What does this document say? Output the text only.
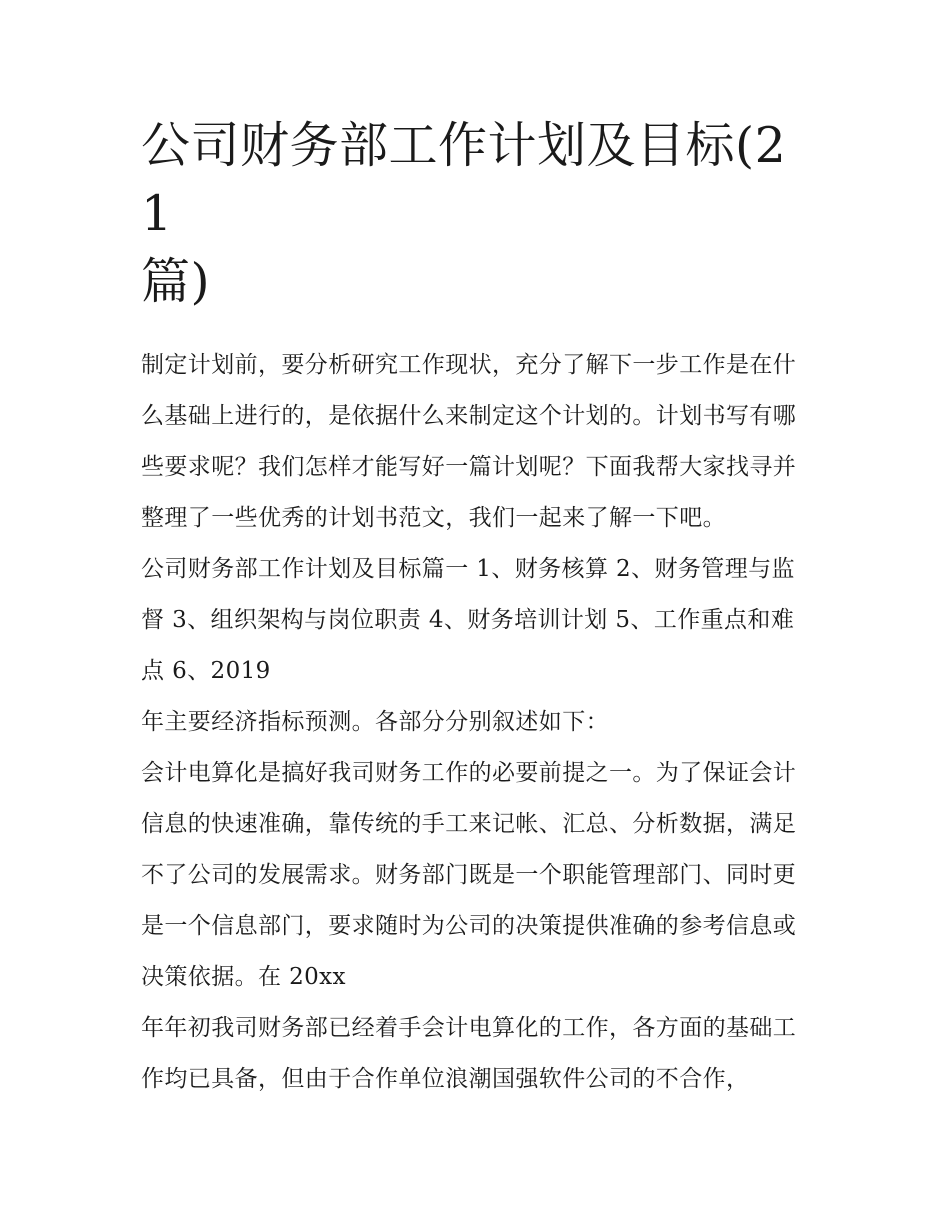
公司财务部工作计划及目标(21
篇)

制定计划前，要分析研究工作现状，充分了解下一步工作是在什么基础上进行的，是依据什么来制定这个计划的。计划书写有哪些要求呢？我们怎样才能写好一篇计划呢？下面我帮大家找寻并整理了一些优秀的计划书范文，我们一起来了解一下吧。

公司财务部工作计划及目标篇一 1、财务核算 2、财务管理与监督 3、组织架构与岗位职责 4、财务培训计划 5、工作重点和难点 6、2019

年主要经济指标预测。各部分分别叙述如下：

会计电算化是搞好我司财务工作的必要前提之一。为了保证会计信息的快速准确，靠传统的手工来记帐、汇总、分析数据，满足不了公司的发展需求。财务部门既是一个职能管理部门、同时更是一个信息部门，要求随时为公司的决策提供准确的参考信息或决策依据。在 20xx

年年初我司财务部已经着手会计电算化的工作，各方面的基础工作均已具备，但由于合作单位浪潮国强软件公司的不合作，
